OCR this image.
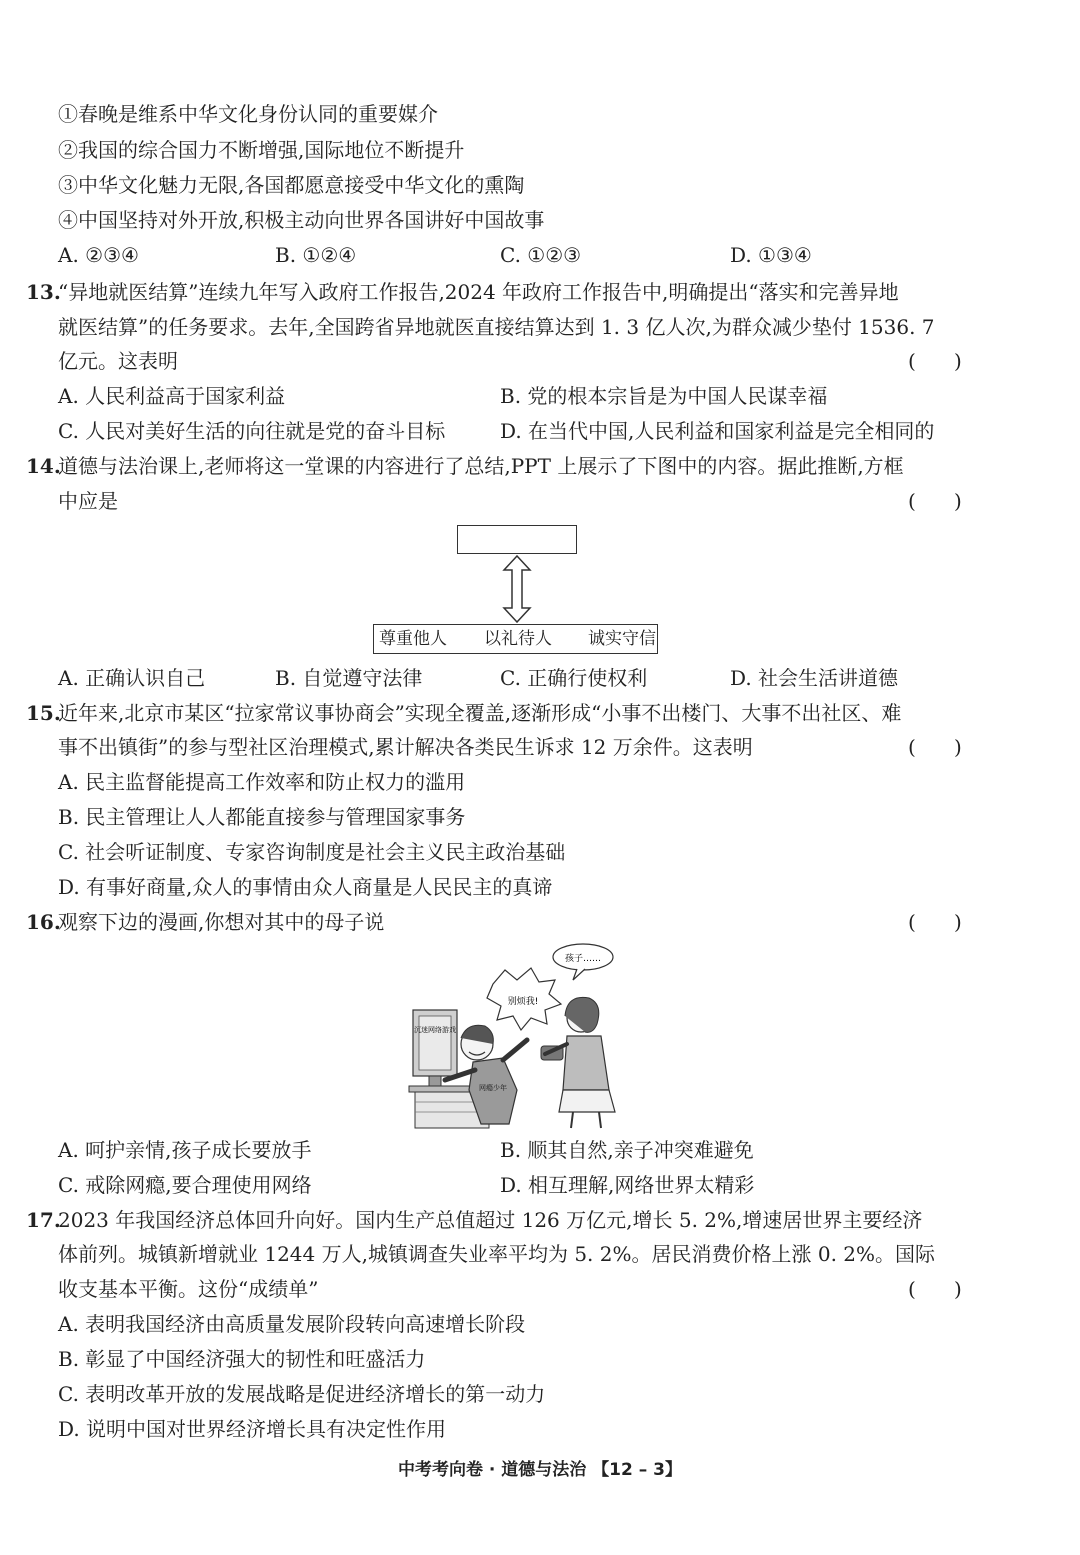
①春晚是维系中华文化身份认同的重要媒介
②我国的综合国力不断增强,国际地位不断提升
③中华文化魅力无限,各国都愿意接受中华文化的熏陶
④中国坚持对外开放,积极主动向世界各国讲好中国故事
A. ②③④	B. ①②④	C. ①②③	D. ①③④
13.
“异地就医结算”连续九年写入政府工作报告,2024 年政府工作报告中,明确提出“落实和完善异地
就医结算”的任务要求。去年,全国跨省异地就医直接结算达到 1. 3 亿人次,为群众减少垫付 1536. 7
亿元。这表明	(      )
A. 人民利益高于国家利益	B. 党的根本宗旨是为中国人民谋幸福
C. 人民对美好生活的向往就是党的奋斗目标	D. 在当代中国,人民利益和国家利益是完全相同的
14.
道德与法治课上,老师将这一堂课的内容进行了总结,PPT 上展示了下图中的内容。据此推断,方框
中应是	(      )
尊重他人 以礼待人 诚实守信
A. 正确认识自己	B. 自觉遵守法律	C. 正确行使权利	D. 社会生活讲道德
15.
近年来,北京市某区“拉家常议事协商会”实现全覆盖,逐渐形成“小事不出楼门、大事不出社区、难
事不出镇街”的参与型社区治理模式,累计解决各类民生诉求 12 万余件。这表明	(      )
A. 民主监督能提高工作效率和防止权力的滥用
B. 民主管理让人人都能直接参与管理国家事务
C. 社会听证制度、专家咨询制度是社会主义民主政治基础
D. 有事好商量,众人的事情由众人商量是人民民主的真谛
16.
观察下边的漫画,你想对其中的母子说	(      )
孩子……
别烦我!
沉迷网络游戏
网瘾少年
A. 呵护亲情,孩子成长要放手	B. 顺其自然,亲子冲突难避免
C. 戒除网瘾,要合理使用网络	D. 相互理解,网络世界太精彩
17.
2023 年我国经济总体回升向好。国内生产总值超过 126 万亿元,增长 5. 2%,增速居世界主要经济
体前列。城镇新增就业 1244 万人,城镇调查失业率平均为 5. 2%。居民消费价格上涨 0. 2%。国际
收支基本平衡。这份“成绩单”	(      )
A. 表明我国经济由高质量发展阶段转向高速增长阶段
B. 彰显了中国经济强大的韧性和旺盛活力
C. 表明改革开放的发展战略是促进经济增长的第一动力
D. 说明中国对世界经济增长具有决定性作用
中考考向卷 · 道德与法治 【12 – 3】
